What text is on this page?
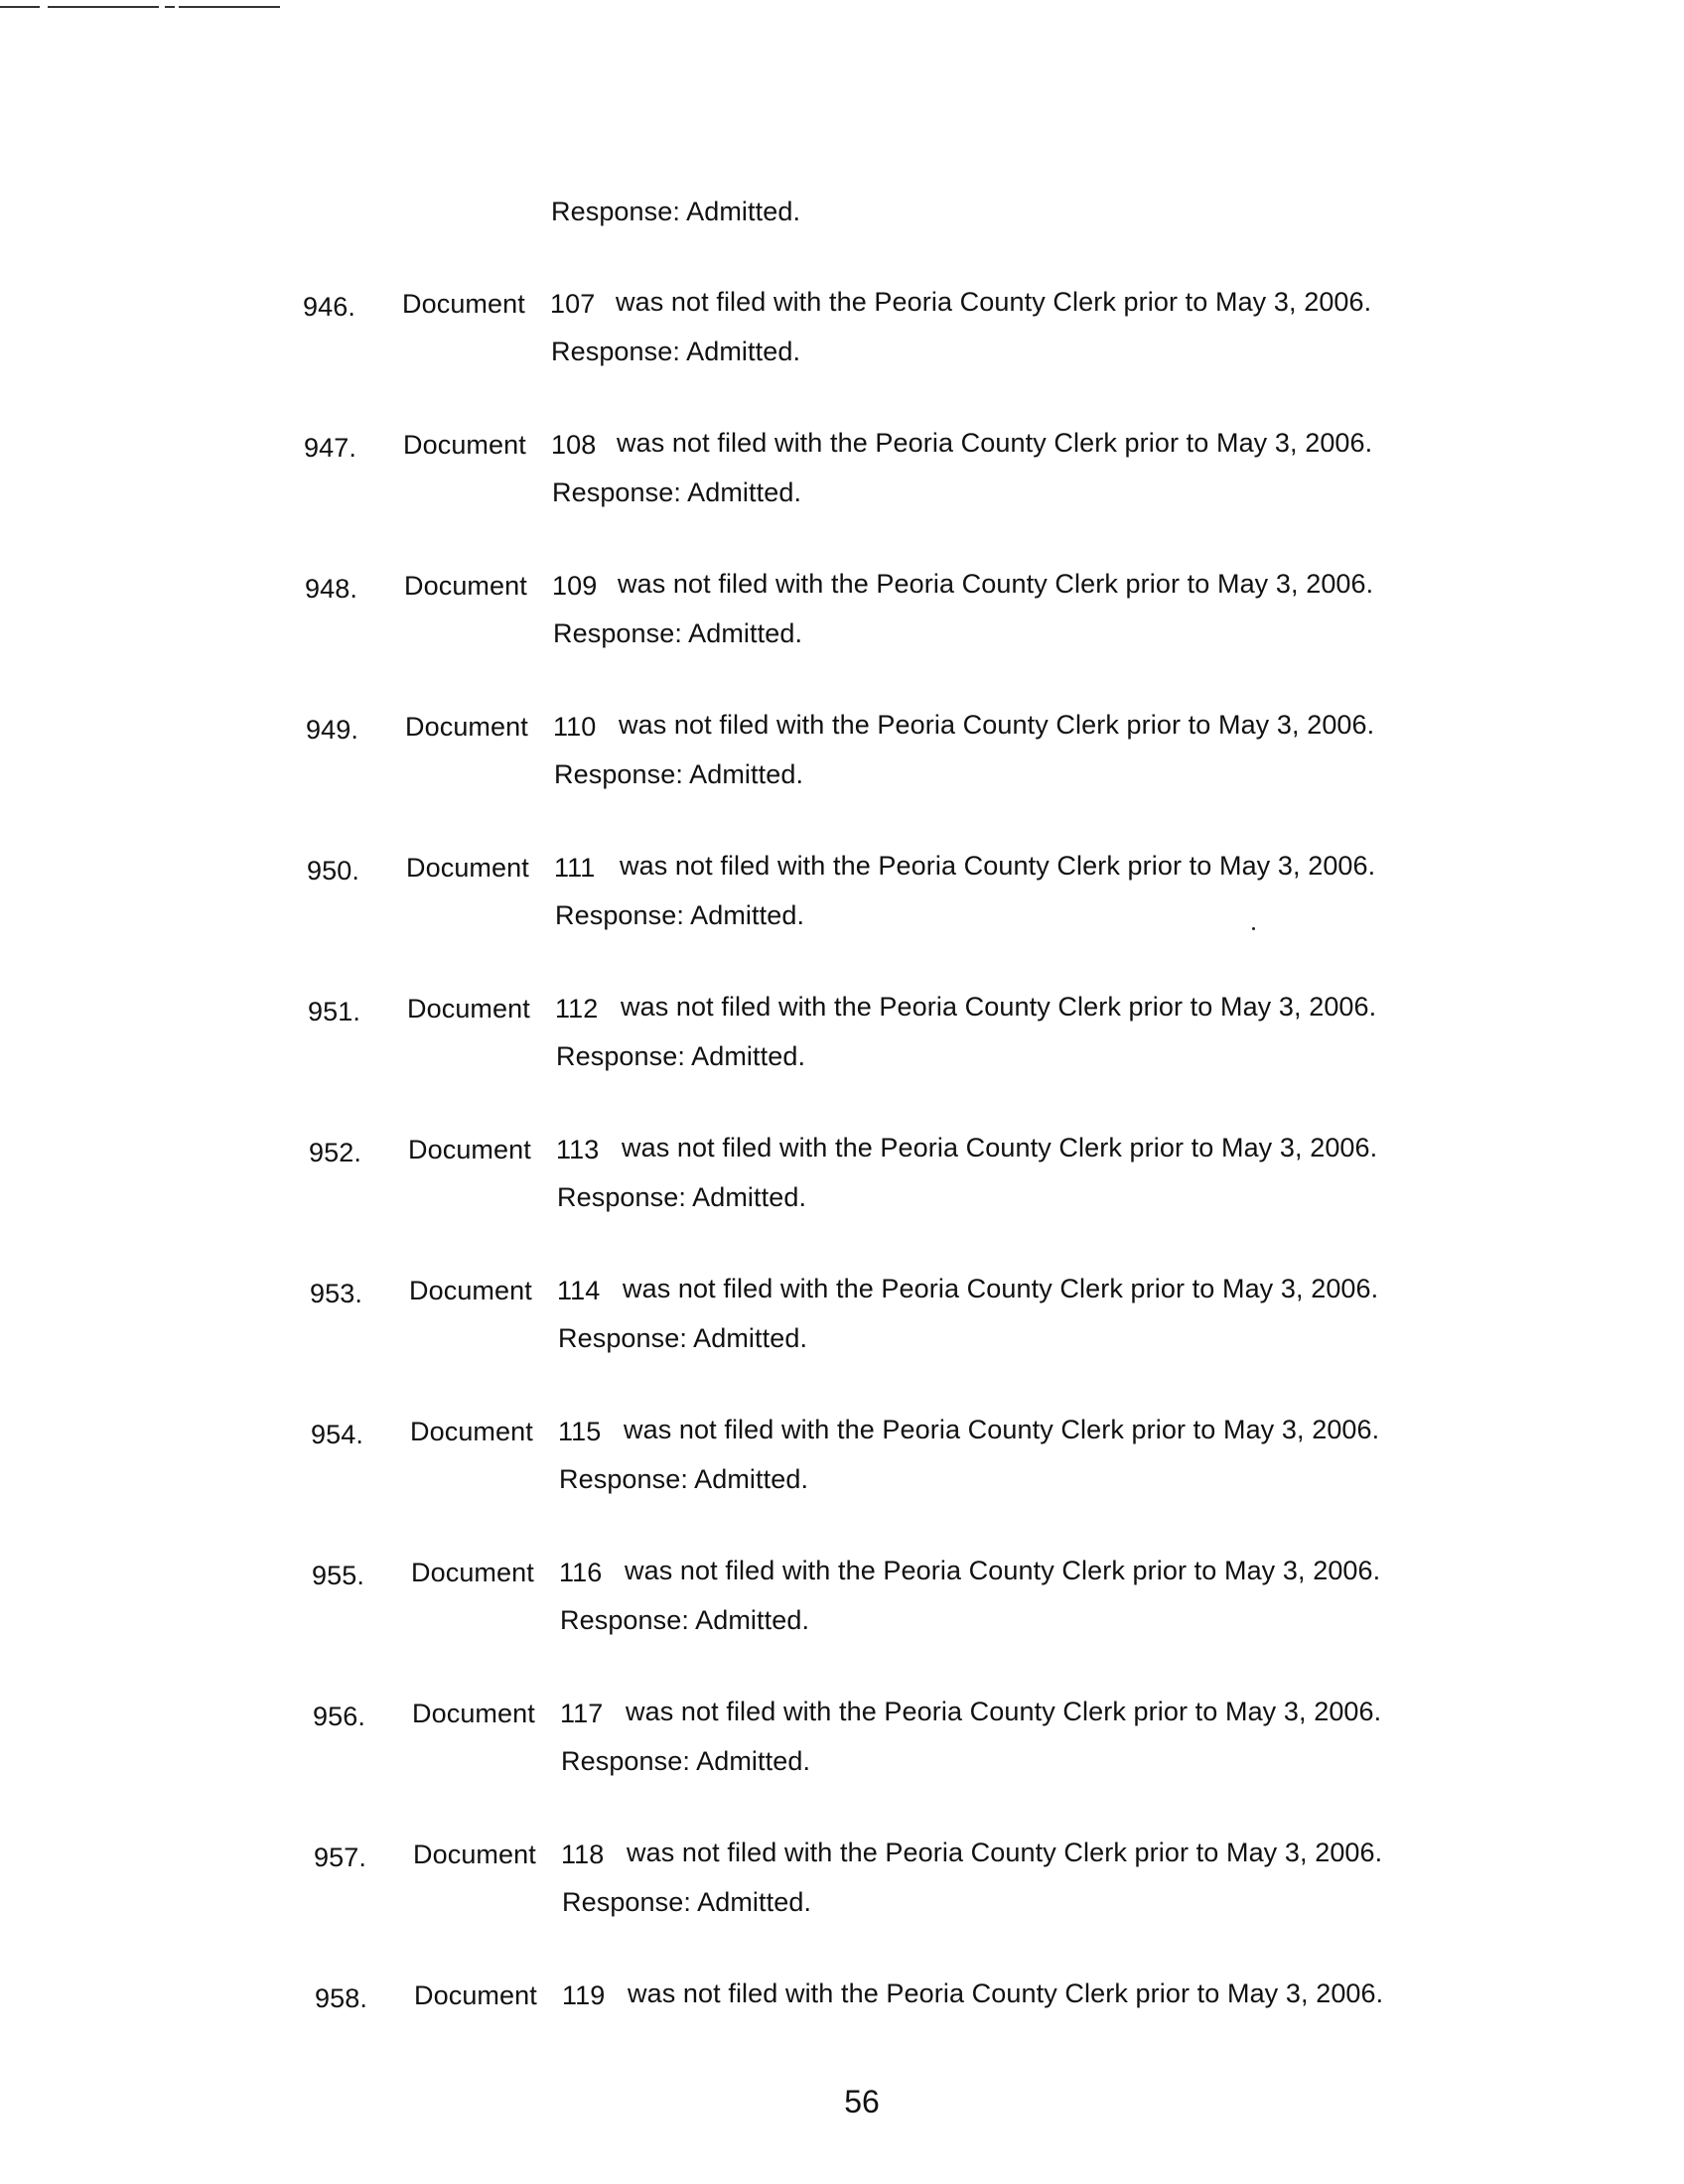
Response: Admitted.
946. Document 107 was not filed with the Peoria County Clerk prior to May 3, 2006.
Response: Admitted.
947. Document 108 was not filed with the Peoria County Clerk prior to May 3, 2006.
Response: Admitted.
948. Document 109 was not filed with the Peoria County Clerk prior to May 3, 2006.
Response: Admitted.
949. Document 110 was not filed with the Peoria County Clerk prior to May 3, 2006.
Response: Admitted.
950. Document 111 was not filed with the Peoria County Clerk prior to May 3, 2006.
Response: Admitted.
951. Document 112 was not filed with the Peoria County Clerk prior to May 3, 2006.
Response: Admitted.
952. Document 113 was not filed with the Peoria County Clerk prior to May 3, 2006.
Response: Admitted.
953. Document 114 was not filed with the Peoria County Clerk prior to May 3, 2006.
Response: Admitted.
954. Document 115 was not filed with the Peoria County Clerk prior to May 3, 2006.
Response: Admitted.
955. Document 116 was not filed with the Peoria County Clerk prior to May 3, 2006.
Response: Admitted.
956. Document 117 was not filed with the Peoria County Clerk prior to May 3, 2006.
Response: Admitted.
957. Document 118 was not filed with the Peoria County Clerk prior to May 3, 2006.
Response: Admitted.
958. Document 119 was not filed with the Peoria County Clerk prior to May 3, 2006.
56
